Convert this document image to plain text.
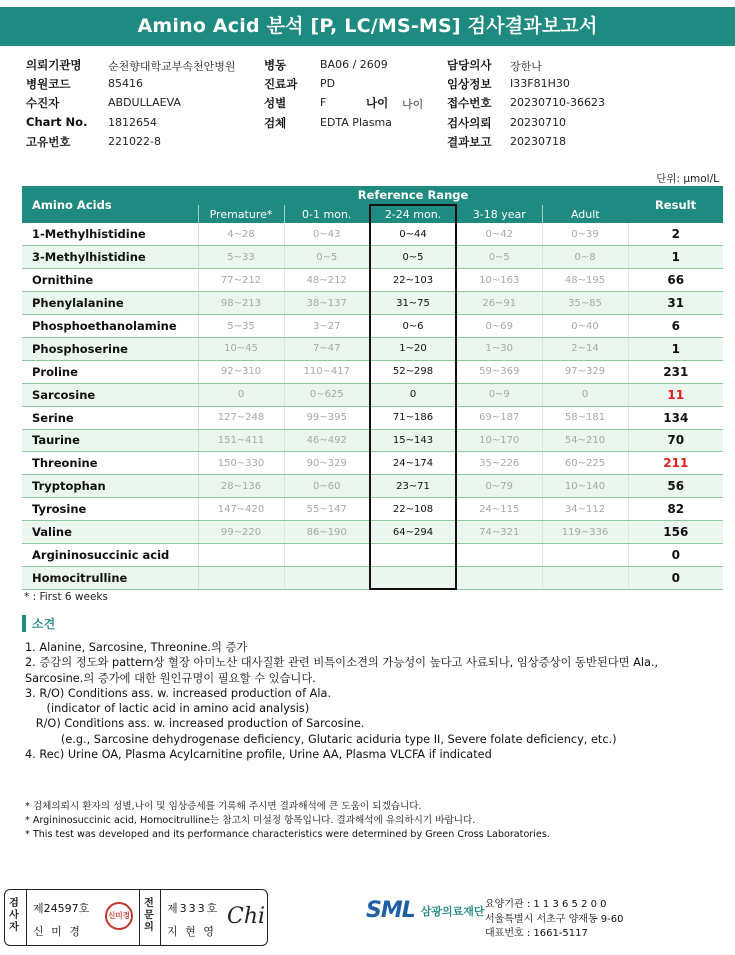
Amino Acid 분석 [P, LC/MS-MS] 검사결과보고서
의뢰기관명 순천향대학교부속천안병원
병원코드	85416
수진자	ABDULLAEVA
Chart No. 1812654
고유번호	221022-8
병동	BA06 / 2609
진료과 PD
성별	F	나이 나이
검체	EDTA Plasma
담당의사 장한나
임상정보 I33F81H30
접수번호 20230710-36623
검사의뢰 20230710
결과보고 20230718
단위: μmol/L
Amino Acids	Reference Range					Result
	Premature*	0-1 mon.	2-24 mon.	3-18 year	Adult	
1-Methylhistidine	4~28	0~43	0~44	0~42	0~39	2
3-Methylhistidine	5~33	0~5	0~5	0~5	0~8	1
Ornithine	77~212	48~212	22~103	10~163	48~195	66
Phenylalanine	98~213	38~137	31~75	26~91	35~85	31
Phosphoethanolamine	5~35	3~27	0~6	0~69	0~40	6
Phosphoserine	10~45	7~47	1~20	1~30	2~14	1
Proline	92~310	110~417	52~298	59~369	97~329	231
Sarcosine	0	0~625	0	0~9	0	11
Serine	127~248	99~395	71~186	69~187	58~181	134
Taurine	151~411	46~492	15~143	10~170	54~210	70
Threonine	150~330	90~329	24~174	35~226	60~225	211
Tryptophan	28~136	0~60	23~71	0~79	10~140	56
Tyrosine	147~420	55~147	22~108	24~115	34~112	82
Valine	99~220	86~190	64~294	74~321	119~336	156
Argininosuccinic acid						0
Homocitrulline						0
* : First 6 weeks
소견
1. Alanine, Sarcosine, Threonine.의 증가
2. 증감의 정도와 pattern상 혈장 아미노산 대사질환 관련 비특이소견의 가능성이 높다고 사료되나, 임상증상이 동반된다면 Ala.,
Sarcosine.의 증가에 대한 원인규명이 필요할 수 있습니다.
3. R/O) Conditions ass. w. increased production of Ala.
(indicator of lactic acid in amino acid analysis)
R/O) Conditions ass. w. increased production of Sarcosine.
(e.g., Sarcosine dehydrogenase deficiency, Glutaric aciduria type II, Severe folate deficiency, etc.)
4. Rec) Urine OA, Plasma Acylcarnitine profile, Urine AA, Plasma VLCFA if indicated
* 검체의뢰시 환자의 성별,나이 및 임상증세를 기록해 주시면 결과해석에 큰 도움이 되겠습니다.
* Argininosuccinic acid, Homocitrulline는 참고치 미설정 항목입니다. 결과해석에 유의하시기 바랍니다.
* This test was developed and its performance characteristics were determined by Green Cross Laboratories.
검사자
제24597호
신 미 경
신미경
전문의
제333호
지 현 영
Chi	SML 삼광의료재단 요양기관 : 1 1 3 6 5 2 0 0
서울특별시 서초구 양재동 9-60
대표번호 : 1661-5117
